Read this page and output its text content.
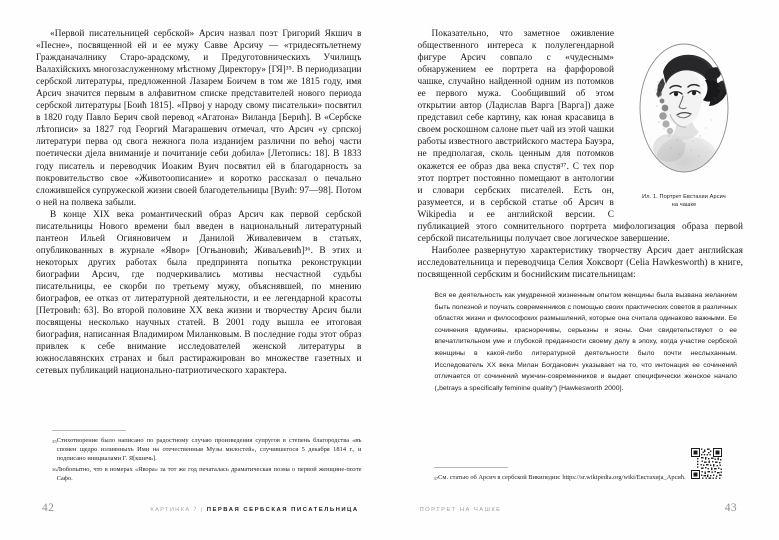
«Первой писательницей сербской» Арсич назвал поэт Григорий Якшич в «Песне», посвященной ей и ее мужу Савве Арсичу — «тридесятьлетнему Гражданачалнику Старо-арадскому, и Предуготовническихъ Училищъ Валахійскихъ многозаслуженному мѣстному Директору» [ГЯ]³⁵. В периодизации сербской литературы, предложенной Лазарем Боичем в том же 1815 году, имя Арсич значится первым в алфавитном списке представителей нового периода сербской литературы [Боић 1815]. «Првој у народу свому писательки» посвятил в 1820 году Павло Берич свой перевод «Агатона» Виланда [Берић]. В «Сербске лѣтописи» за 1827 год Георгий Магарашевич отмечал, что Арсич «у српској литератури перва од свога нежнога пола изданијем различни по већој части поетически дјела вниманије и почитаније себи добила» [Летопись: 18]. В 1833 году писатель и переводчик Иоаким Вуич посвятил ей в благодарность за покровительство свое «Животоописание» и коротко рассказал о печально сложившейся супружеской жизни своей благодетельницы [Вуић: 97—98]. Потом о ней на полвека забыли.

В конце XIX века романтический образ Арсич как первой сербской писательницы Нового времени был введен в национальный литературный пантеон Ильей Огияновичем и Данилой Живалевичем в статьях, опубликованных в журнале «Явор» [Огњановић; Живаљевић]³⁶. В этих и некоторых других работах была предпринята попытка реконструкции биографии Арсич, где подчеркивались мотивы несчастной судьбы писательницы, ее скорби по третьему мужу, объяснявшей, по мнению биографов, ее отказ от литературной деятельности, и ее легендарной красоты [Петровић: 63]. Во второй половине XX века жизни и творчеству Арсич были посвящены несколько научных статей. В 2001 году вышла ее итоговая биография, написанная Владимиром Миланковым. В последние годы этот образ привлек к себе внимание исследователей женской литературы в южнославянских странах и был растиражирован во множестве газетных и сетевых публикаций национально-патриотического характера.

35 Стихотворение было написано по радостному случаю произведения супругов в степень благородства «въ спомен щедро излиянныхъ Ими на отечественныя Музы милостей», случившегося 5 декабря 1814 г., и подписано инициалами Г. Я[кшичь].
36 Любопытно, что в номерах «Явора» за тот же год печаталась драматическая поэма о первой женщине-поэте Сафо.
42	КАРТИНКА 7 | ПЕРВАЯ СЕРБСКАЯ ПИСАТЕЛЬНИЦА
Ил. 1. Портрет Евстахии Арсич
на чашке

Показательно, что заметное оживление общественного интереса к полулегендарной фигуре Арсич совпало с «чудесным» обнаружением ее портрета на фарфоровой чашке, случайно найденной одним из потомков ее первого мужа. Сообщивший об этом открытии автор (Ладислав Варга [Варга]) даже представил себе картину, как юная красавица в своем роскошном салоне пьет чай из этой чашки работы известного австрийского мастера Бауэра, не предполагая, сколь ценным для потомков окажется ее образ два века спустя³⁷. С тех пор этот портрет постоянно помещают в антологии и словари сербских писателей. Есть он, разумеется, и в сербской статье об Арсич в Wikipedia и ее английской версии. С публикацией этого сомнительного портрета мифологизация образа первой сербской писательницы получает свое логическое завершение.

Наиболее развернутую характеристику творчеству Арсич дает английская исследовательница и переводчица Селия Хоксворт (Celia Hawkesworth) в книге, посвященной сербским и боснийским писательницам:

Вся ее деятельность как умудренной жизненным опытом женщины была вызвана желанием быть полезной и поучать современников с помощью своих практических советов в различных областях жизни и философских размышлений, которые она считала одинаково важными. Ее сочинения вдумчивы, красноречивы, серьезны и ясны. Они свидетельствуют о ее впечатлительном уме и глубокой преданности своему делу в эпоху, когда участие сербской женщины в какой-либо литературной деятельности было почти неслыханным. Исследователь XX века Милан Богданович указывает на то, что интонация ее сочинений отличается от сочинений мужчин-современников и выдает специфически женское начало („betrays a specifically feminine quality") [Hawkesworth 2000].

37 См. статью об Арсич в сербской Википедии: https://sr.wikipedia.org/wiki/Евстахија_Арсић.
ПОРТРЕТ НА ЧАШКЕ	43
